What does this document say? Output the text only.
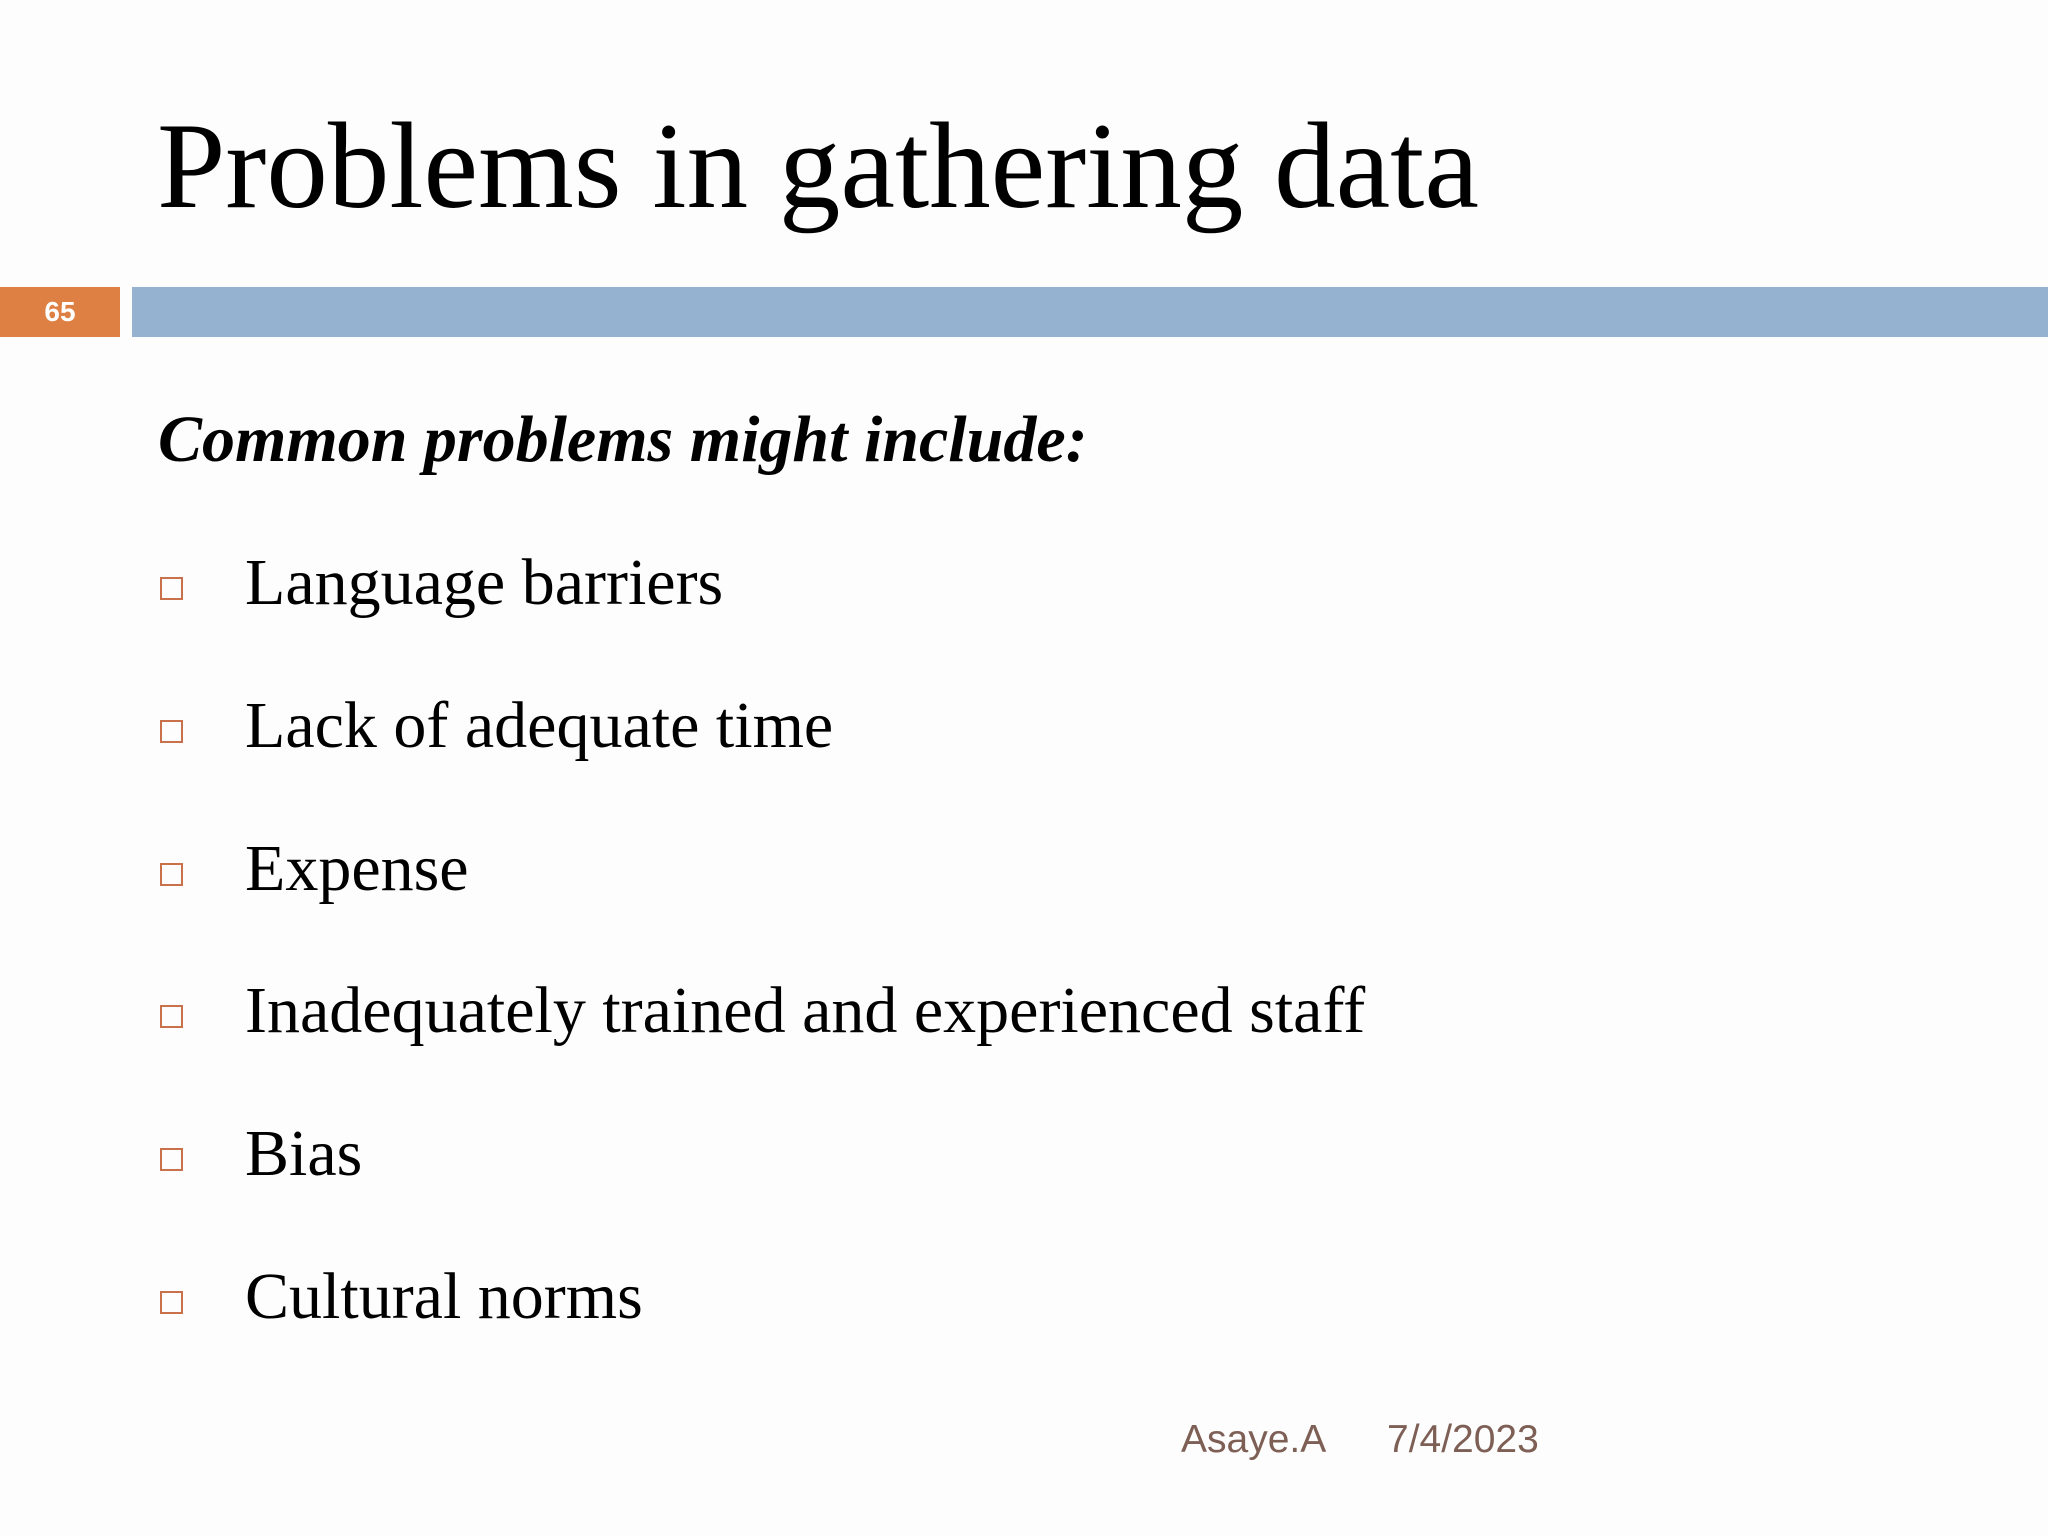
Problems in gathering data
65

Common problems might include:

Language barriers
Lack of adequate time
Expense
Inadequately trained and experienced staff
Bias
Cultural norms
Asaye.A 7/4/2023
